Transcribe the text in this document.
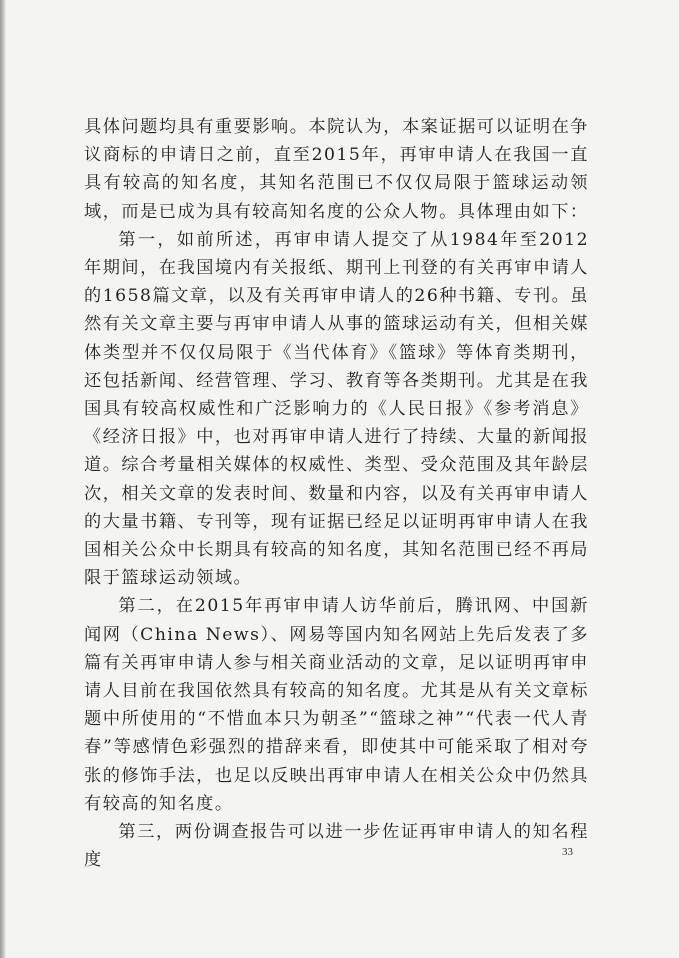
具体问题均具有重要影响。本院认为，本案证据可以证明在争议商标的申请日之前，直至2015年，再审申请人在我国一直具有较高的知名度，其知名范围已不仅仅局限于篮球运动领域，而是已成为具有较高知名度的公众人物。具体理由如下：

第一，如前所述，再审申请人提交了从1984年至2012年期间，在我国境内有关报纸、期刊上刊登的有关再审申请人的1658篇文章，以及有关再审申请人的26种书籍、专刊。虽然有关文章主要与再审申请人从事的篮球运动有关，但相关媒体类型并不仅仅局限于《当代体育》《篮球》等体育类期刊，还包括新闻、经营管理、学习、教育等各类期刊。尤其是在我国具有较高权威性和广泛影响力的《人民日报》《参考消息》《经济日报》中，也对再审申请人进行了持续、大量的新闻报道。综合考量相关媒体的权威性、类型、受众范围及其年龄层次，相关文章的发表时间、数量和内容，以及有关再审申请人的大量书籍、专刊等，现有证据已经足以证明再审申请人在我国相关公众中长期具有较高的知名度，其知名范围已经不再局限于篮球运动领域。

第二，在2015年再审申请人访华前后，腾讯网、中国新闻网（China News）、网易等国内知名网站上先后发表了多篇有关再审申请人参与相关商业活动的文章，足以证明再审申请人目前在我国依然具有较高的知名度。尤其是从有关文章标题中所使用的“不惜血本只为朝圣”“篮球之神”“代表一代人青春”等感情色彩强烈的措辞来看，即使其中可能采取了相对夸张的修饰手法，也足以反映出再审申请人在相关公众中仍然具有较高的知名度。

第三，两份调查报告可以进一步佐证再审申请人的知名程度	33
